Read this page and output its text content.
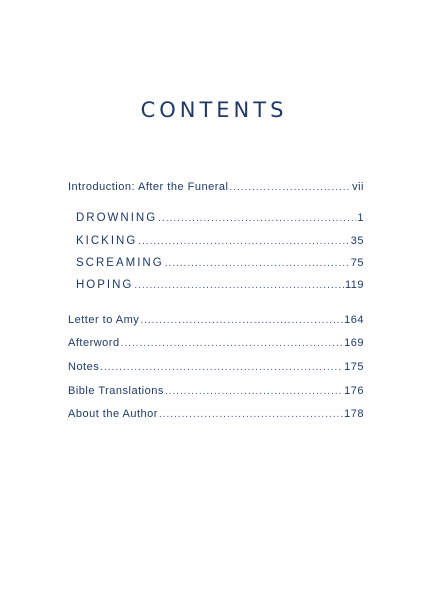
CONTENTS
Introduction: After the Funeral .....	vii
DROWNING .....	1
KICKING .....	35
SCREAMING .....	75
HOPING .....	119
Letter to Amy .....	164
Afterword .....	169
Notes .....	175
Bible Translations .....	176
About the Author .....	178
